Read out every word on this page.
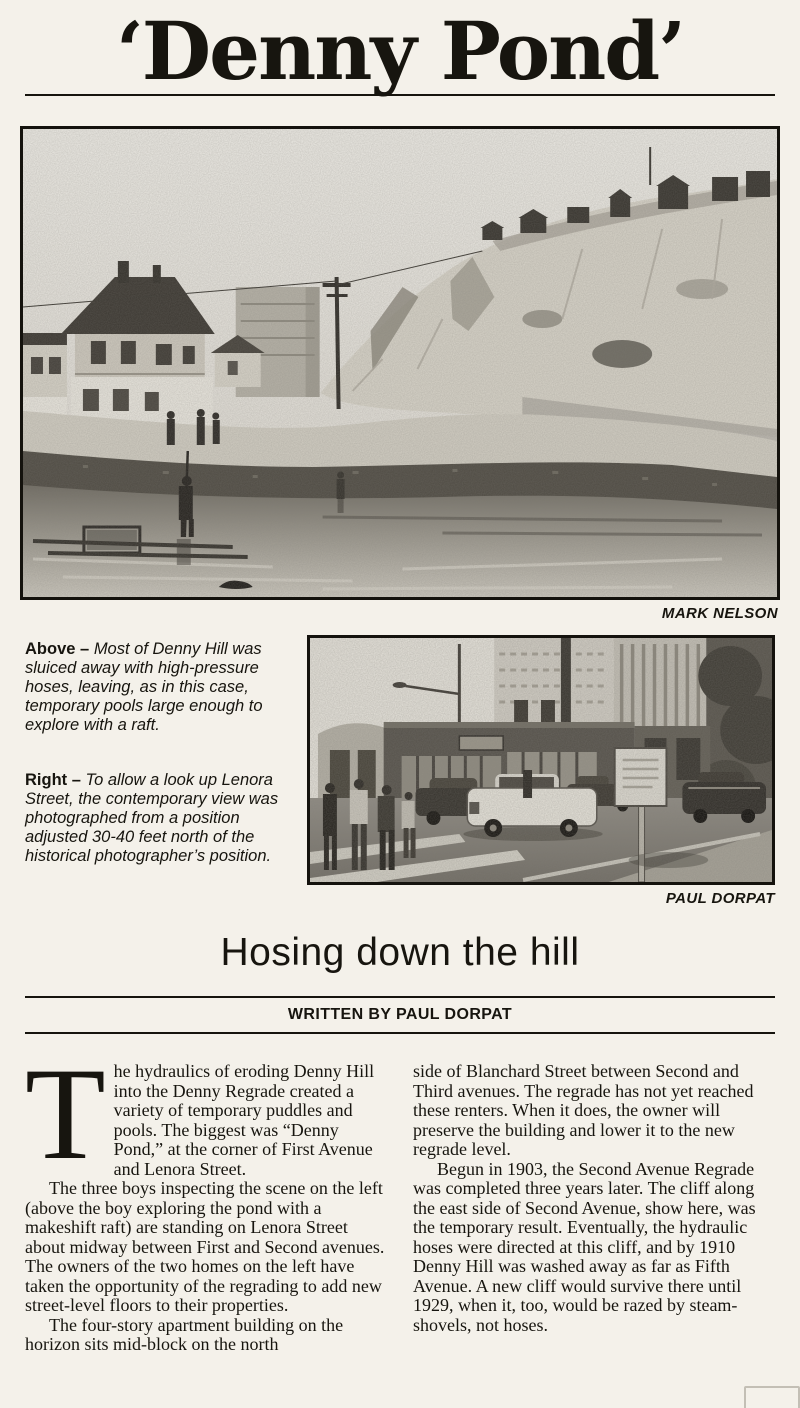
‘Denny Pond’
MARK NELSON

Above – Most of Denny Hill was sluiced away with high-pressure hoses, leaving, as in this case, temporary pools large enough to explore with a raft.

Right – To allow a look up Lenora Street, the contemporary view was photographed from a position adjusted 30-40 feet north of the historical photographer’s position.

PAUL DORPAT
Hosing down the hill
WRITTEN BY PAUL DORPAT

The hydraulics of eroding Denny Hill into the Denny Regrade created a variety of temporary puddles and pools. The biggest was “Denny Pond,” at the corner of First Avenue and Lenora Street.

The three boys inspecting the scene on the left (above the boy exploring the pond with a makeshift raft) are standing on Lenora Street about midway between First and Second avenues. The owners of the two homes on the left have taken the opportunity of the regrading to add new street-level floors to their properties.

The four-story apartment building on the horizon sits mid-block on the north

side of Blanchard Street between Second and Third avenues. The regrade has not yet reached these renters. When it does, the owner will preserve the building and lower it to the new regrade level.

Begun in 1903, the Second Avenue Regrade was completed three years later. The cliff along the east side of Second Avenue, show here, was the temporary result. Eventually, the hydraulic hoses were directed at this cliff, and by 1910 Denny Hill was washed away as far as Fifth Avenue. A new cliff would survive there until 1929, when it, too, would be razed by steam-shovels, not hoses.
